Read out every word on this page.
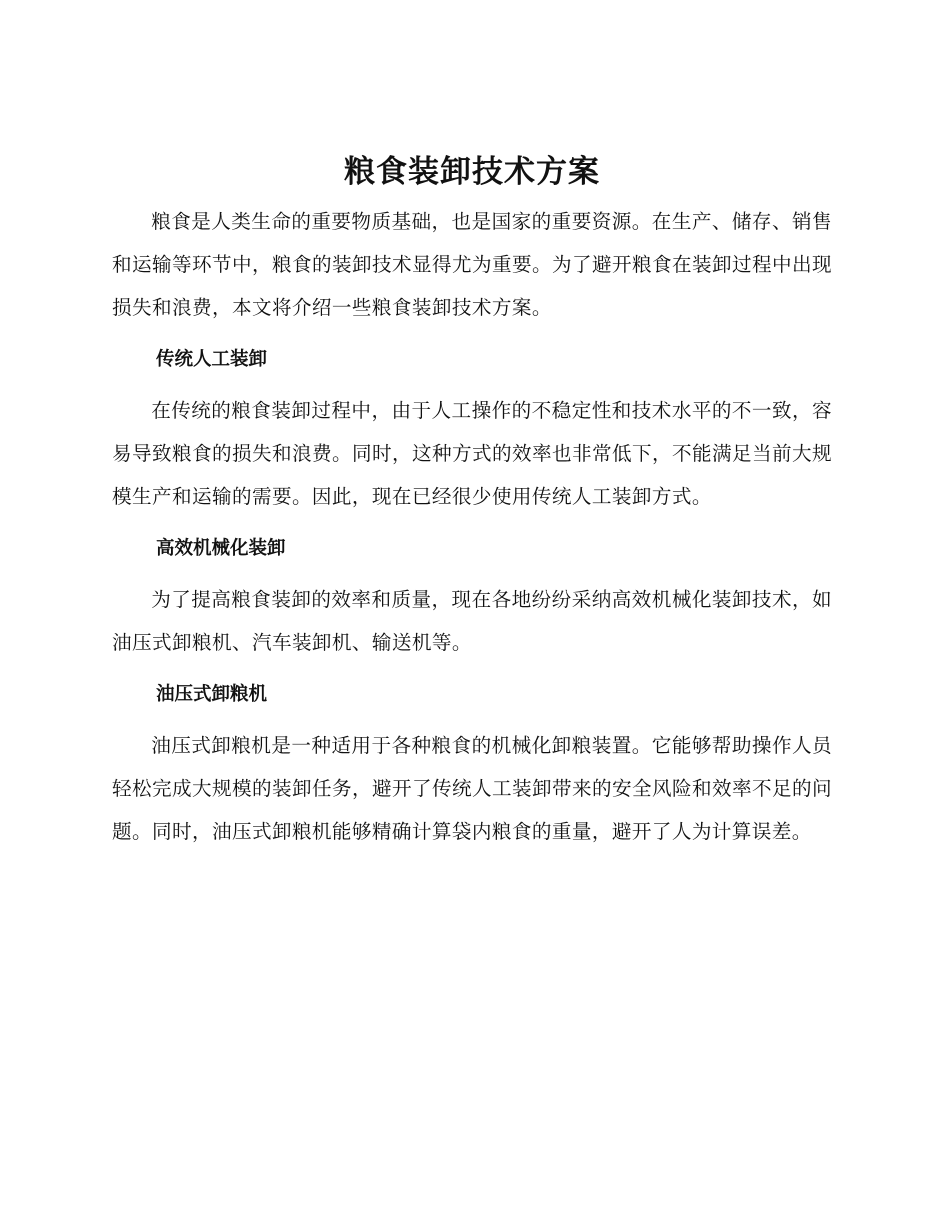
粮食装卸技术方案

粮食是人类生命的重要物质基础，也是国家的重要资源。在生产、储存、销售和运输等环节中，粮食的装卸技术显得尤为重要。为了避开粮食在装卸过程中出现损失和浪费，本文将介绍一些粮食装卸技术方案。

传统人工装卸

在传统的粮食装卸过程中，由于人工操作的不稳定性和技术水平的不一致，容易导致粮食的损失和浪费。同时，这种方式的效率也非常低下，不能满足当前大规模生产和运输的需要。因此，现在已经很少使用传统人工装卸方式。

高效机械化装卸

为了提高粮食装卸的效率和质量，现在各地纷纷采纳高效机械化装卸技术，如油压式卸粮机、汽车装卸机、输送机等。

油压式卸粮机

油压式卸粮机是一种适用于各种粮食的机械化卸粮装置。它能够帮助操作人员轻松完成大规模的装卸任务，避开了传统人工装卸带来的安全风险和效率不足的问题。同时，油压式卸粮机能够精确计算袋内粮食的重量，避开了人为计算误差。
